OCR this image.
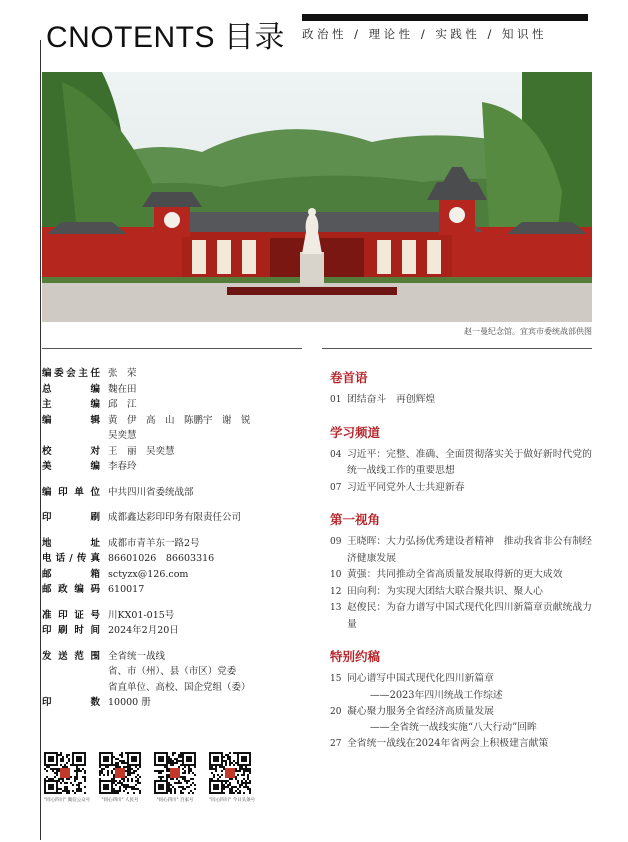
CNOTENTS 目录 政治性 / 理论性 / 实践性 / 知识性
赵一曼纪念馆。宜宾市委统战部供图
编委会主任 张　荣
总编 魏在田
主编 邱　江
编辑 黄　伊　高　山　陈鹏宇　谢　锐
吴奕慧
校对 王　丽　吴奕慧
美编 李春玲
编印单位 中共四川省委统战部
印刷 成都鑫达彩印印务有限责任公司
地址 成都市青羊东一路2号
电话/传真 86601026　86603316
邮箱 sctyzx@126.com
邮政编码 610017
准印证号 川KX01-015号
印刷时间 2024年2月20日
发送范围 全省统一战线
省、市（州）、县（市区）党委
省直单位、高校、国企党组（委）
印数 10000 册
"同心四川" 微信公众号	"同心四川" 人民号	"同心四川" 百家号	"同心四川" 今日头条号
卷首语
01 团结奋斗　再创辉煌
学习频道
04 习近平：完整、准确、全面贯彻落实关于做好新时代党的统一战线工作的重要思想
07 习近平同党外人士共迎新春
第一视角
09 王晓晖：大力弘扬优秀建设者精神　推动我省非公有制经济健康发展
10 黄强：共同推动全省高质量发展取得新的更大成效
12 田向利：为实现大团结大联合聚共识、聚人心
13 赵俊民：为奋力谱写中国式现代化四川新篇章贡献统战力量
特别约稿
15 同心谱写中国式现代化四川新篇章
——2023年四川统战工作综述
20 凝心聚力服务全省经济高质量发展
——全省统一战线实施“八大行动”回眸
27 全省统一战线在2024年省两会上积极建言献策
